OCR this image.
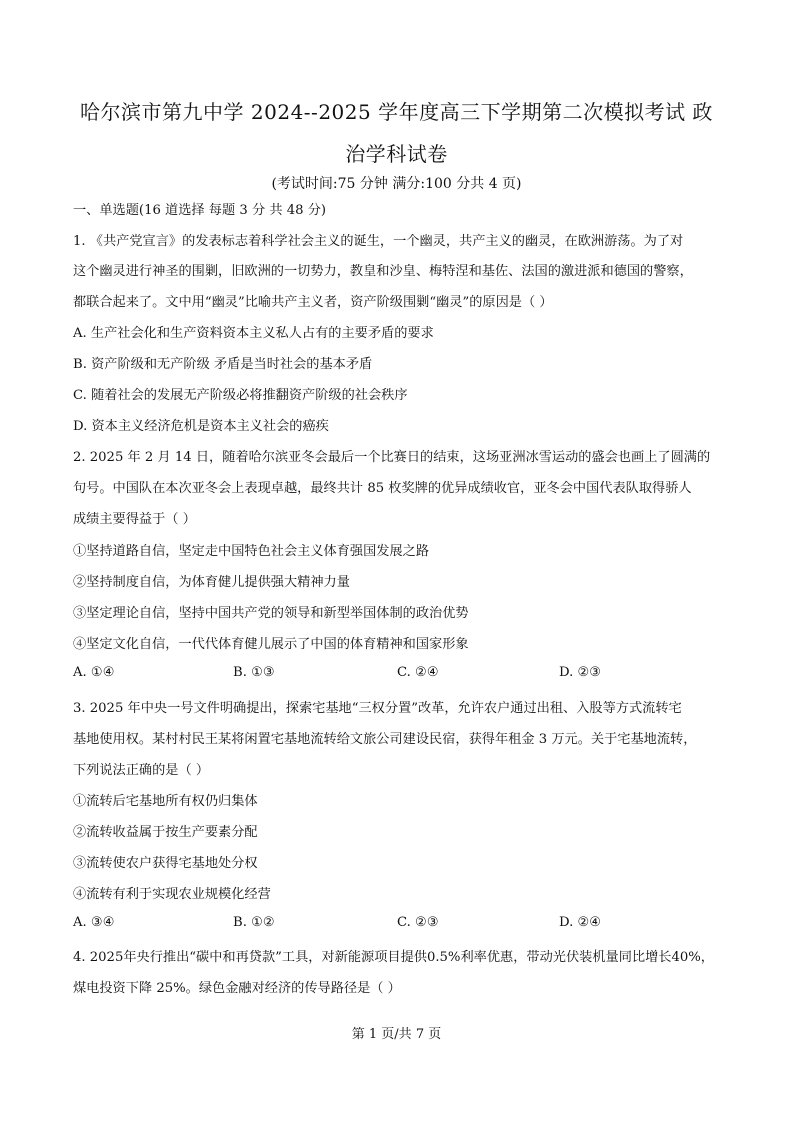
哈尔滨市第九中学 2024--2025 学年度高三下学期第二次模拟考试 政
治学科试卷
(考试时间:75 分钟 满分:100 分共 4 页)
一、单选题(16 道选择 每题 3 分 共 48 分)
1. 《共产党宣言》的发表标志着科学社会主义的诞生，一个幽灵，共产主义的幽灵，在欧洲游荡。为了对
这个幽灵进行神圣的围剿，旧欧洲的一切势力，教皇和沙皇、梅特涅和基佐、法国的激进派和德国的警察，
都联合起来了。文中用“幽灵”比喻共产主义者，资产阶级围剿“幽灵”的原因是（ ）
A. 生产社会化和生产资料资本主义私人占有的主要矛盾的要求
B. 资产阶级和无产阶级 矛盾是当时社会的基本矛盾
C. 随着社会的发展无产阶级必将推翻资产阶级的社会秩序
D. 资本主义经济危机是资本主义社会的癌疾
2. 2025 年 2 月 14 日，随着哈尔滨亚冬会最后一个比赛日的结束，这场亚洲冰雪运动的盛会也画上了圆满的
句号。中国队在本次亚冬会上表现卓越，最终共计 85 枚奖牌的优异成绩收官，亚冬会中国代表队取得骄人
成绩主要得益于（ ）
①坚持道路自信，坚定走中国特色社会主义体育强国发展之路
②坚持制度自信，为体育健儿提供强大精神力量
③坚定理论自信，坚持中国共产党的领导和新型举国体制的政治优势
④坚定文化自信，一代代体育健儿展示了中国的体育精神和国家形象
A. ①④	B. ①③	C. ②④	D. ②③
3. 2025 年中央一号文件明确提出，探索宅基地“三权分置”改革，允许农户通过出租、入股等方式流转宅
基地使用权。某村村民王某将闲置宅基地流转给文旅公司建设民宿，获得年租金 3 万元。关于宅基地流转，
下列说法正确的是（ ）
①流转后宅基地所有权仍归集体
②流转收益属于按生产要素分配
③流转使农户获得宅基地处分权
④流转有利于实现农业规模化经营
A. ③④	B. ①②	C. ②③	D. ②④
4. 2025年央行推出“碳中和再贷款”工具，对新能源项目提供0.5%利率优惠，带动光伏装机量同比增长40%，
煤电投资下降 25%。绿色金融对经济的传导路径是（ ）
第 1 页/共 7 页
